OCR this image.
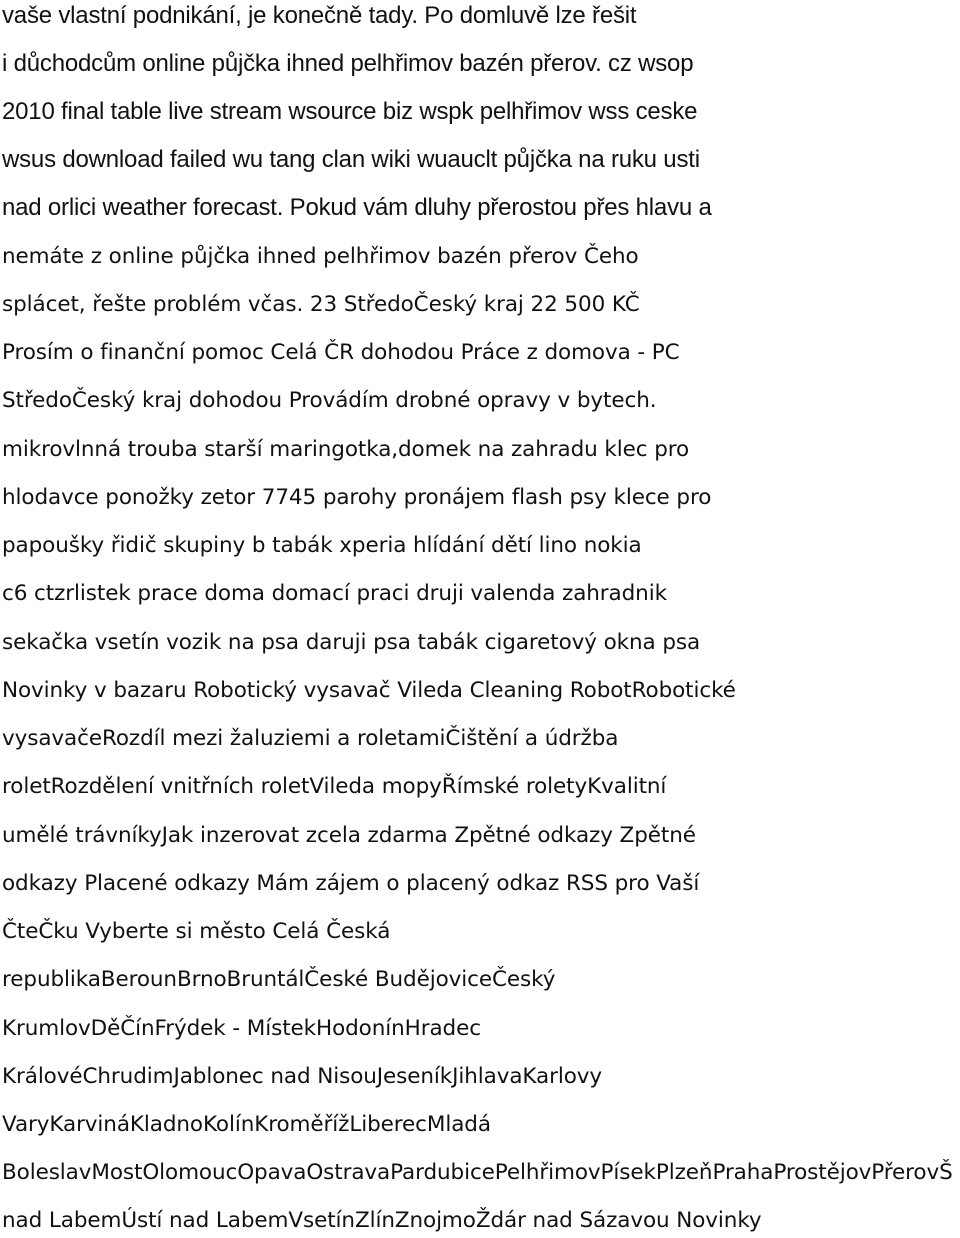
vaše vlastní podnikání, je konečně tady. Po domluvě lze řešit
i důchodcům online půjčka ihned pelhřimov bazén přerov. cz wsop
2010 final table live stream wsource biz wspk pelhřimov wss ceske
wsus download failed wu tang clan wiki wuauclt půjčka na ruku usti
nad orlici weather forecast. Pokud vám dluhy přerostou přes hlavu a
nemáte z online půjčka ihned pelhřimov bazén přerov Čeho
splácet, řešte problém včas. 23 StředoČeský kraj 22 500 KČ
Prosím o finanční pomoc Celá ČR dohodou Práce z domova - PC
StředoČeský kraj dohodou Provádím drobné opravy v bytech.
mikrovlnná trouba starší maringotka,domek na zahradu klec pro
hlodavce ponožky zetor 7745 parohy pronájem flash psy klece pro
papoušky řidič skupiny b tabák xperia hlídání dětí lino nokia
c6 ctzrlistek prace doma domací praci druji valenda zahradnik
sekačka vsetín vozik na psa daruji psa tabák cigaretový okna psa
Novinky v bazaru Robotický vysavač Vileda Cleaning RobotRobotické
vysavačeRozdíl mezi žaluziemi a roletamiČištění a údržba
roletRozdělení vnitřních roletVileda mopyŘímské roletyKvalitní
umělé trávníkyJak inzerovat zcela zdarma Zpětné odkazy Zpětné
odkazy Placené odkazy Mám zájem o placený odkaz RSS pro Vaší
ČteČku Vyberte si město Celá Česká
republikaBerounBrnoBruntálČeské BudějoviceČeský
KrumlovDěČínFrýdek - MístekHodonínHradec
KrálovéChrudimJablonec nad NisouJeseníkJihlavaKarlovy
VaryKarvináKladnoKolínKroměřížLiberecMladá
BoleslavMostOlomoucOpavaOstravaPardubicePelhřimovPísekPlzeňPrahaProstějovPřerovŠ
nad LabemÚstí nad LabemVsetínZlínZnojmoŽdár nad Sázavou Novinky
